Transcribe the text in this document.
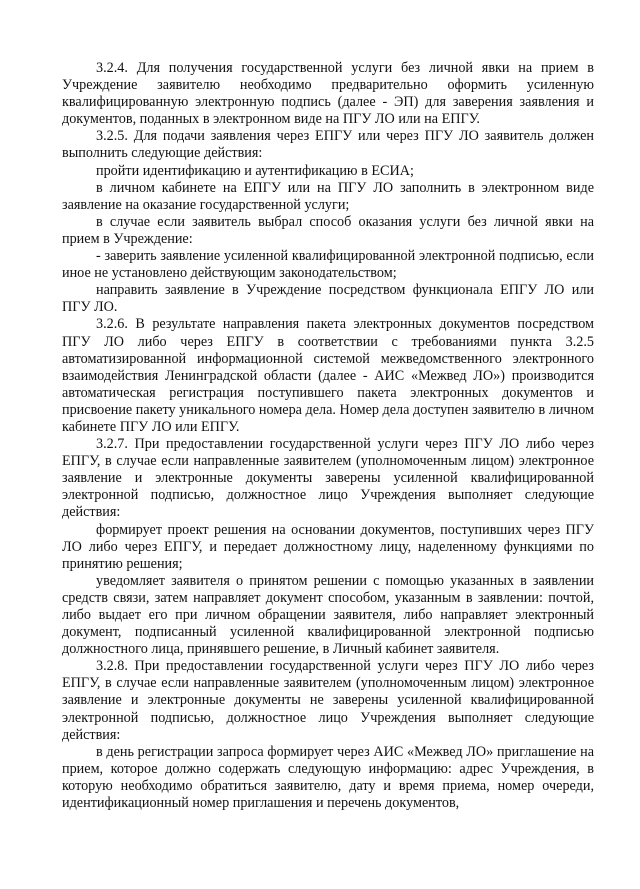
3.2.4. Для получения государственной услуги без личной явки на прием в Учреждение заявителю необходимо предварительно оформить усиленную квалифицированную электронную подпись (далее - ЭП) для заверения заявления и документов, поданных в электронном виде на ПГУ ЛО или на ЕПГУ.

3.2.5. Для подачи заявления через ЕПГУ или через ПГУ ЛО заявитель должен выполнить следующие действия:

пройти идентификацию и аутентификацию в ЕСИА;

в личном кабинете на ЕПГУ или на ПГУ ЛО заполнить в электронном виде заявление на оказание государственной услуги;

в случае если заявитель выбрал способ оказания услуги без личной явки на прием в Учреждение:

- заверить заявление усиленной квалифицированной электронной подписью, если иное не установлено действующим законодательством;

направить заявление в Учреждение посредством функционала ЕПГУ ЛО или ПГУ ЛО.

3.2.6. В результате направления пакета электронных документов посредством ПГУ ЛО либо через ЕПГУ в соответствии с требованиями пункта 3.2.5 автоматизированной информационной системой межведомственного электронного взаимодействия Ленинградской области (далее - АИС «Межвед ЛО») производится автоматическая регистрация поступившего пакета электронных документов и присвоение пакету уникального номера дела. Номер дела доступен заявителю в личном кабинете ПГУ ЛО или ЕПГУ.

3.2.7. При предоставлении государственной услуги через ПГУ ЛО либо через ЕПГУ, в случае если направленные заявителем (уполномоченным лицом) электронное заявление и электронные документы заверены усиленной квалифицированной электронной подписью, должностное лицо Учреждения выполняет следующие действия:

формирует проект решения на основании документов, поступивших через ПГУ ЛО либо через ЕПГУ, и передает должностному лицу, наделенному функциями по принятию решения;

уведомляет заявителя о принятом решении с помощью указанных в заявлении средств связи, затем направляет документ способом, указанным в заявлении: почтой, либо выдает его при личном обращении заявителя, либо направляет электронный документ, подписанный усиленной квалифицированной электронной подписью должностного лица, принявшего решение, в Личный кабинет заявителя.

3.2.8. При предоставлении государственной услуги через ПГУ ЛО либо через ЕПГУ, в случае если направленные заявителем (уполномоченным лицом) электронное заявление и электронные документы не заверены усиленной квалифицированной электронной подписью, должностное лицо Учреждения выполняет следующие действия:

в день регистрации запроса формирует через АИС «Межвед ЛО» приглашение на прием, которое должно содержать следующую информацию: адрес Учреждения, в которую необходимо обратиться заявителю, дату и время приема, номер очереди, идентификационный номер приглашения и перечень документов,
